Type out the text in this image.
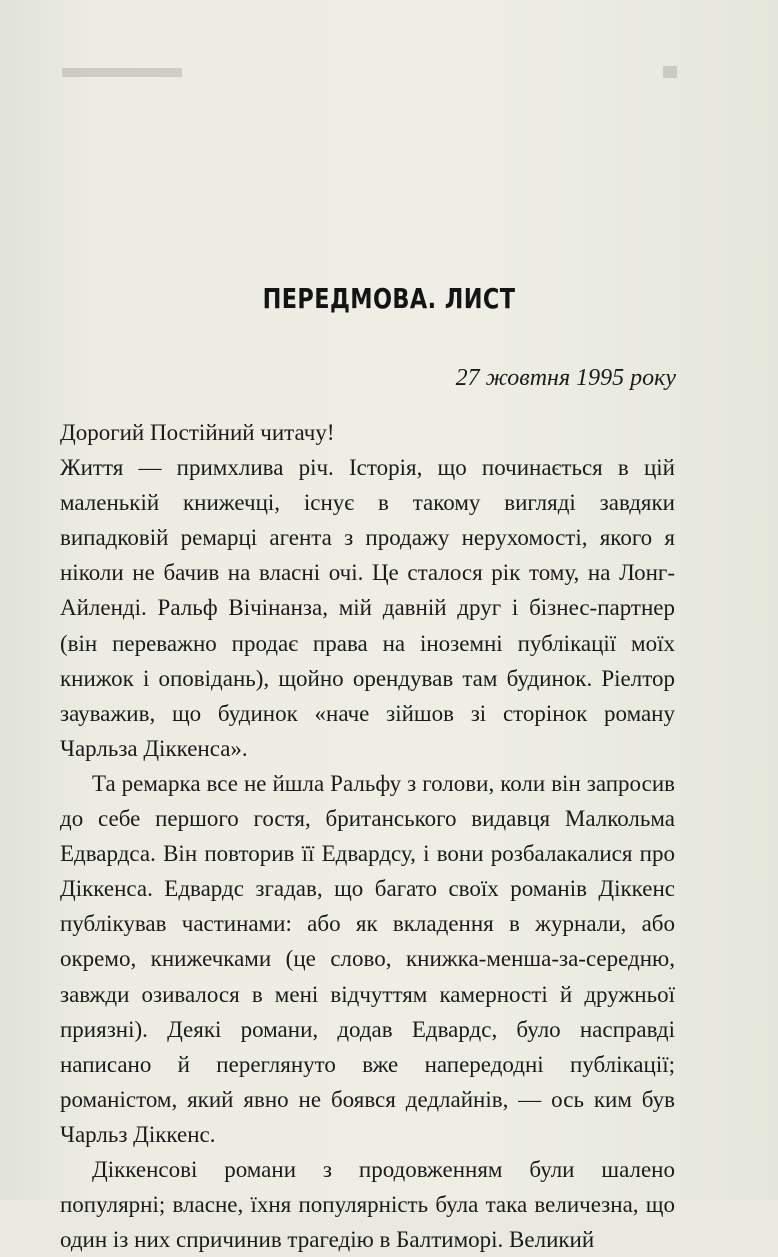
ПЕРЕДМОВА. ЛИСТ
27 жовтня 1995 року

Дорогий Постійний читачу!

Життя — примхлива річ. Історія, що починається в цій маленькій книжечці, існує в такому вигляді завдяки випадковій ремарці агента з продажу нерухомості, якого я ніколи не бачив на власні очі. Це сталося рік тому, на Лонг-Айленді. Ральф Вічінанза, мій давній друг і бізнес-партнер (він переважно продає права на іноземні публікації моїх книжок і оповідань), щойно орендував там будинок. Ріелтор зауважив, що будинок «наче зійшов зі сторінок роману Чарльза Діккенса».

Та ремарка все не йшла Ральфу з голови, коли він запросив до себе першого гостя, британського видавця Малкольма Едвардса. Він повторив її Едвардсу, і вони розбалакалися про Діккенса. Едвардс згадав, що багато своїх романів Діккенс публікував частинами: або як вкладення в журнали, або окремо, книжечками (це слово, книжка-менша-за-середню, завжди озивалося в мені відчуттям камерності й дружньої приязні). Деякі романи, додав Едвардс, було насправді написано й переглянуто вже напередодні публікації; романістом, який явно не боявся дедлайнів, — ось ким був Чарльз Діккенс.

Діккенсові романи з продовженням були шалено популярні; власне, їхня популярність була така величезна, що один із них спричинив трагедію в Балтиморі. Великий
